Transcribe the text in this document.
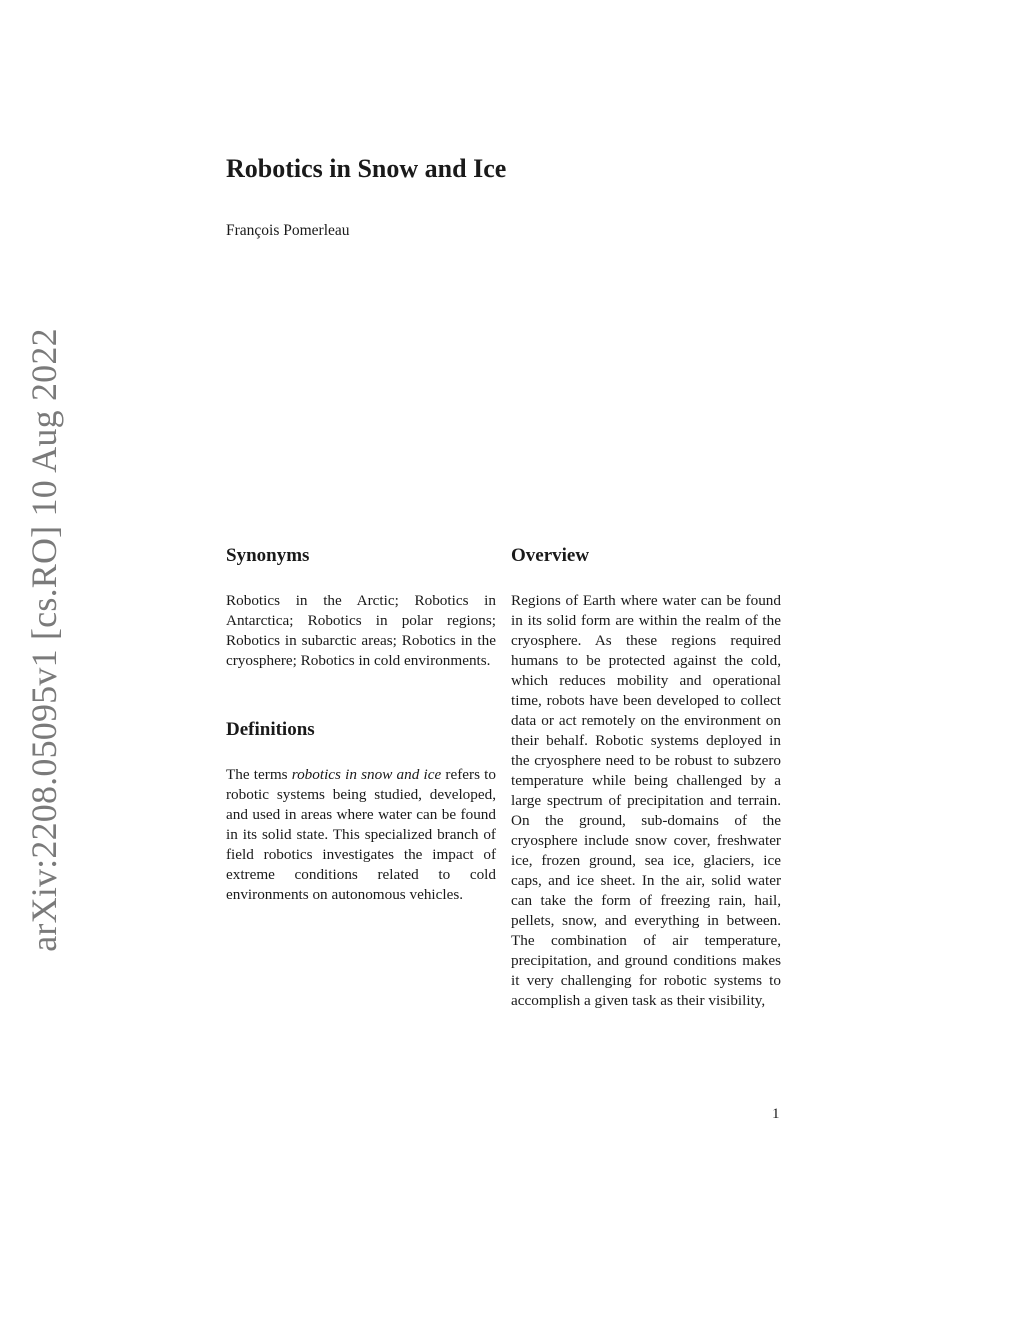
arXiv:2208.05095v1 [cs.RO] 10 Aug 2022
Robotics in Snow and Ice
François Pomerleau
Synonyms

Robotics in the Arctic; Robotics in Antarctica; Robotics in polar regions; Robotics in subarctic areas; Robotics in the cryosphere; Robotics in cold environments.

Definitions

The terms robotics in snow and ice refers to robotic systems being studied, developed, and used in areas where water can be found in its solid state. This specialized branch of field robotics investigates the impact of extreme conditions related to cold environments on autonomous vehicles.

Overview

Regions of Earth where water can be found in its solid form are within the realm of the cryosphere. As these regions required humans to be protected against the cold, which reduces mobility and operational time, robots have been developed to collect data or act remotely on the environment on their behalf. Robotic systems deployed in the cryosphere need to be robust to subzero temperature while being challenged by a large spectrum of precipitation and terrain. On the ground, sub-domains of the cryosphere include snow cover, freshwater ice, frozen ground, sea ice, glaciers, ice caps, and ice sheet. In the air, solid water can take the form of freezing rain, hail, pellets, snow, and everything in between. The combination of air temperature, precipitation, and ground conditions makes it very challenging for robotic systems to accomplish a given task as their visibility,

1
